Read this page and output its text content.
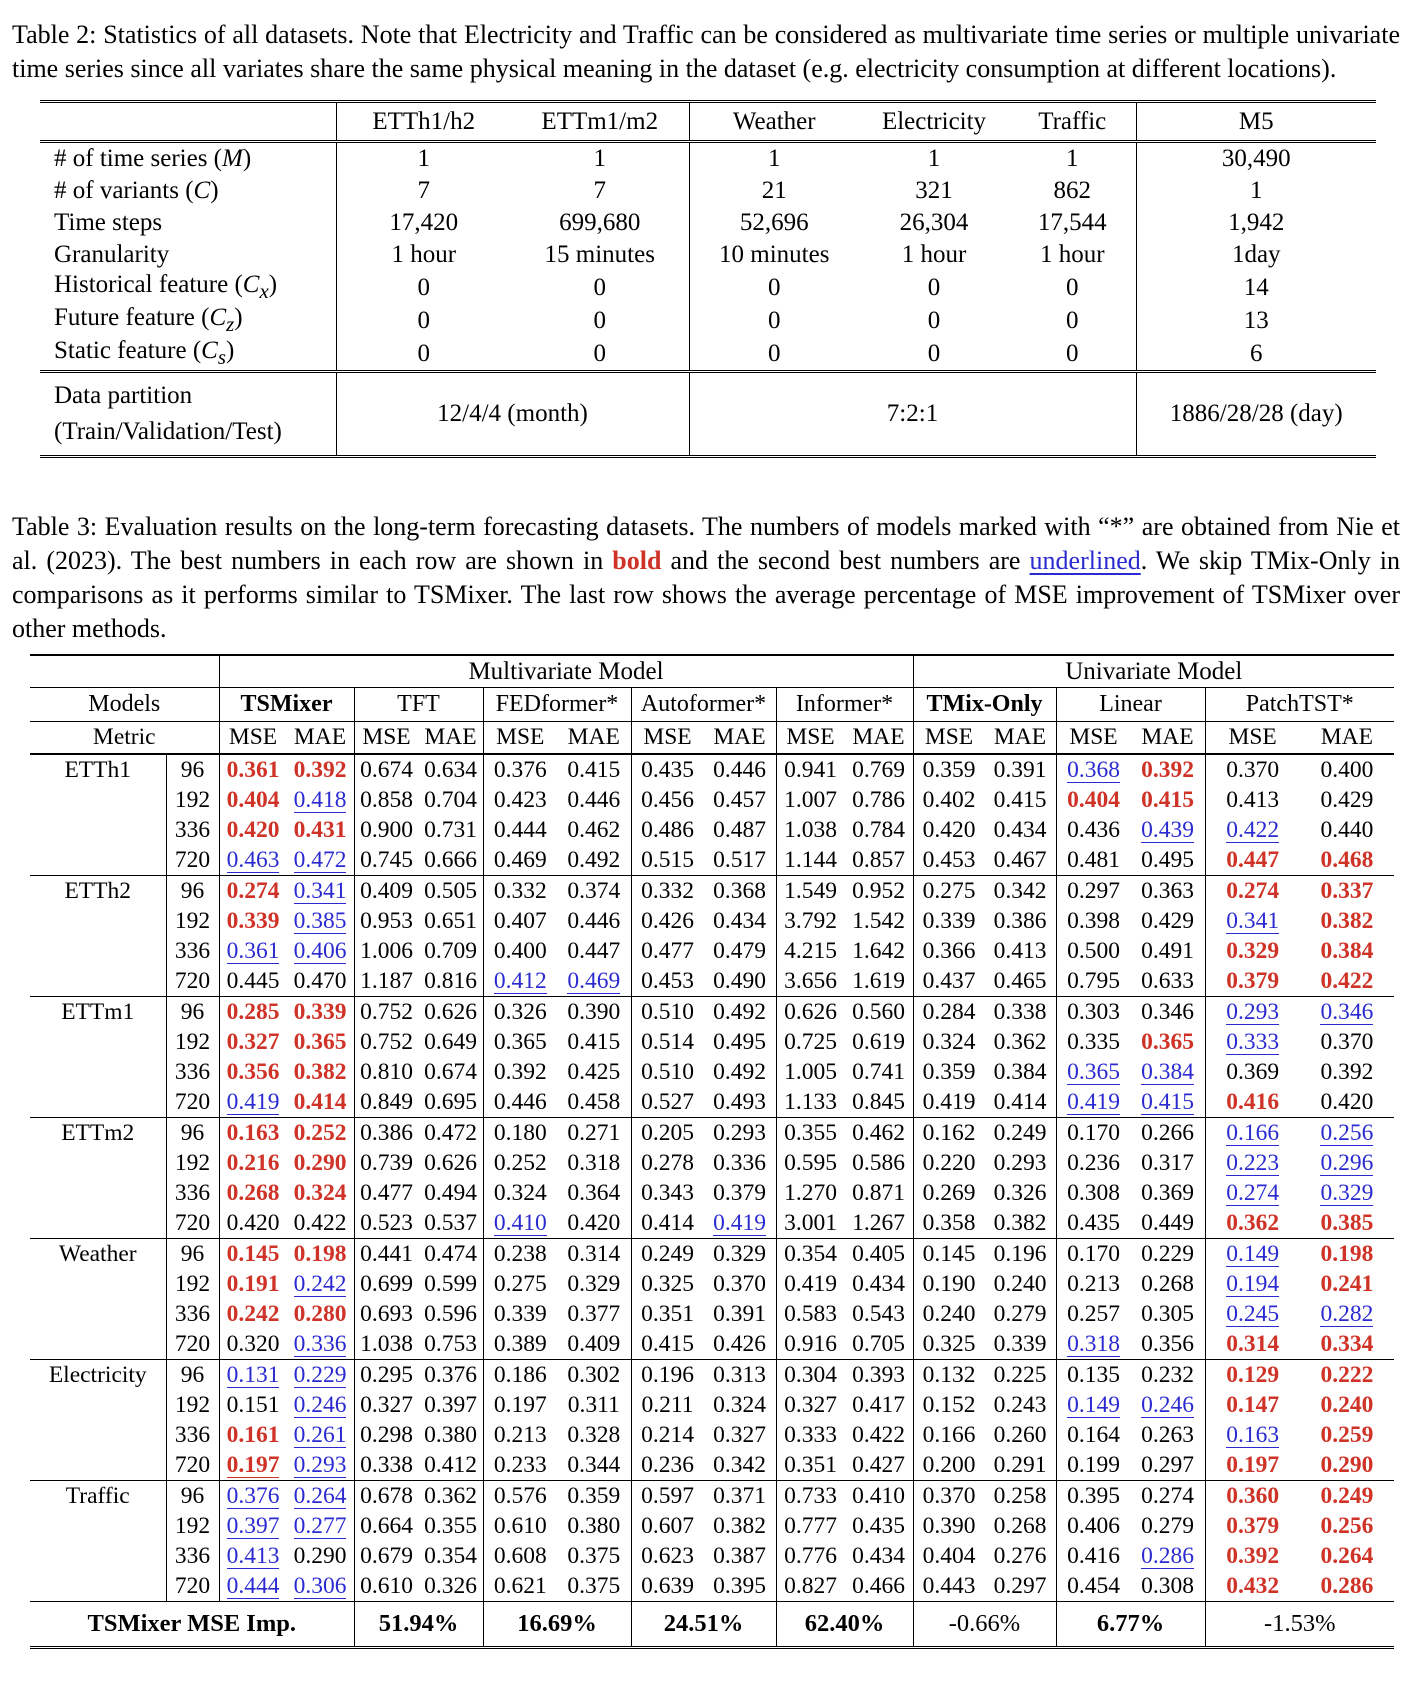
Table 2: Statistics of all datasets. Note that Electricity and Traffic can be considered as multivariate time series or multiple univariate time series since all variates share the same physical meaning in the dataset (e.g. electricity consumption at different locations).

	ETTh1/h2	ETTm1/m2	Weather	Electricity	Traffic	M5
# of time series (M)	1	1	1	1	1	30,490
# of variants (C)	7	7	21	321	862	1
Time steps	17,420	699,680	52,696	26,304	17,544	1,942
Granularity	1 hour	15 minutes	10 minutes	1 hour	1 hour	1day
Historical feature $(C_x)$	0	0	0	0	0	14
Future feature $(C_z)$	0	0	0	0	0	13
Static feature $(C_s)$	0	0	0	0	0	6

Data partition
(Train/Validation/Test)	12/4/4 (month)		7:2:1			1886/28/28 (day)

Table 3: Evaluation results on the long-term forecasting datasets. The numbers of models marked with “*” are obtained from Nie et al. (2023). The best numbers in each row are shown in bold and the second best numbers are underlined. We skip TMix-Only in comparisons as it performs similar to TSMixer. The last row shows the average percentage of MSE improvement of TSMixer over other methods.

		Multivariate Model					Univariate Model		
Models		TSMixer	TFT	FEDformer*	Autoformer*	Informer*	TMix-Only	Linear	PatchTST*
Metric		MSE MAE	MSE MAE	MSE MAE	MSE MAE	MSE MAE	MSE MAE	MSE MAE	MSE MAE

ETTh1	96	0.361 0.392	0.674 0.634	0.376 0.415	0.435 0.446	0.941 0.769	0.359 0.391	0.368 0.392	0.370 0.400

	192	0.404 0.418	0.858 0.704	0.423 0.446	0.456 0.457	1.007 0.786	0.402 0.415	0.404 0.415	0.413 0.429

	336	0.420 0.431	0.900 0.731	0.444 0.462	0.486 0.487	1.038 0.784	0.420 0.434	0.436 0.439	0.422 0.440

	720	0.463 0.472	0.745 0.666	0.469 0.492	0.515 0.517	1.144 0.857	0.453 0.467	0.481 0.495	0.447 0.468

ETTh2	96	0.274 0.341	0.409 0.505	0.332 0.374	0.332 0.368	1.549 0.952	0.275 0.342	0.297 0.363	0.274 0.337

	192	0.339 0.385	0.953 0.651	0.407 0.446	0.426 0.434	3.792 1.542	0.339 0.386	0.398 0.429	0.341 0.382

	336	0.361 0.406	1.006 0.709	0.400 0.447	0.477 0.479	4.215 1.642	0.366 0.413	0.500 0.491	0.329 0.384

	720	0.445 0.470	1.187 0.816	0.412 0.469	0.453 0.490	3.656 1.619	0.437 0.465	0.795 0.633	0.379 0.422

ETTm1	96	0.285 0.339	0.752 0.626	0.326 0.390	0.510 0.492	0.626 0.560	0.284 0.338	0.303 0.346	0.293 0.346

	192	0.327 0.365	0.752 0.649	0.365 0.415	0.514 0.495	0.725 0.619	0.324 0.362	0.335 0.365	0.333 0.370

	336	0.356 0.382	0.810 0.674	0.392 0.425	0.510 0.492	1.005 0.741	0.359 0.384	0.365 0.384	0.369 0.392

	720	0.419 0.414	0.849 0.695	0.446 0.458	0.527 0.493	1.133 0.845	0.419 0.414	0.419 0.415	0.416 0.420

ETTm2	96	0.163 0.252	0.386 0.472	0.180 0.271	0.205 0.293	0.355 0.462	0.162 0.249	0.170 0.266	0.166 0.256

	192	0.216 0.290	0.739 0.626	0.252 0.318	0.278 0.336	0.595 0.586	0.220 0.293	0.236 0.317	0.223 0.296

	336	0.268 0.324	0.477 0.494	0.324 0.364	0.343 0.379	1.270 0.871	0.269 0.326	0.308 0.369	0.274 0.329

	720	0.420 0.422	0.523 0.537	0.410 0.420	0.414 0.419	3.001 1.267	0.358 0.382	0.435 0.449	0.362 0.385

Weather	96	0.145 0.198	0.441 0.474	0.238 0.314	0.249 0.329	0.354 0.405	0.145 0.196	0.170 0.229	0.149 0.198

	192	0.191 0.242	0.699 0.599	0.275 0.329	0.325 0.370	0.419 0.434	0.190 0.240	0.213 0.268	0.194 0.241

	336	0.242 0.280	0.693 0.596	0.339 0.377	0.351 0.391	0.583 0.543	0.240 0.279	0.257 0.305	0.245 0.282

	720	0.320 0.336	1.038 0.753	0.389 0.409	0.415 0.426	0.916 0.705	0.325 0.339	0.318 0.356	0.314 0.334

Electricity	96	0.131 0.229	0.295 0.376	0.186 0.302	0.196 0.313	0.304 0.393	0.132 0.225	0.135 0.232	0.129 0.222

	192	0.151 0.246	0.327 0.397	0.197 0.311	0.211 0.324	0.327 0.417	0.152 0.243	0.149 0.246	0.147 0.240

	336	0.161 0.261	0.298 0.380	0.213 0.328	0.214 0.327	0.333 0.422	0.166 0.260	0.164 0.263	0.163 0.259

	720	0.197 0.293	0.338 0.412	0.233 0.344	0.236 0.342	0.351 0.427	0.200 0.291	0.199 0.297	0.197 0.290

Traffic	96	0.376 0.264	0.678 0.362	0.576 0.359	0.597 0.371	0.733 0.410	0.370 0.258	0.395 0.274	0.360 0.249

	192	0.397 0.277	0.664 0.355	0.610 0.380	0.607 0.382	0.777 0.435	0.390 0.268	0.406 0.279	0.379 0.256

	336	0.413 0.290	0.679 0.354	0.608 0.375	0.623 0.387	0.776 0.434	0.404 0.276	0.416 0.286	0.392 0.264

	720	0.444 0.306	0.610 0.326	0.621 0.375	0.639 0.395	0.827 0.466	0.443 0.297	0.454 0.308	0.432 0.286

TSMixer MSE Imp.			51.94%	16.69%	24.51%	62.40%	-0.66%	6.77%	-1.53%
